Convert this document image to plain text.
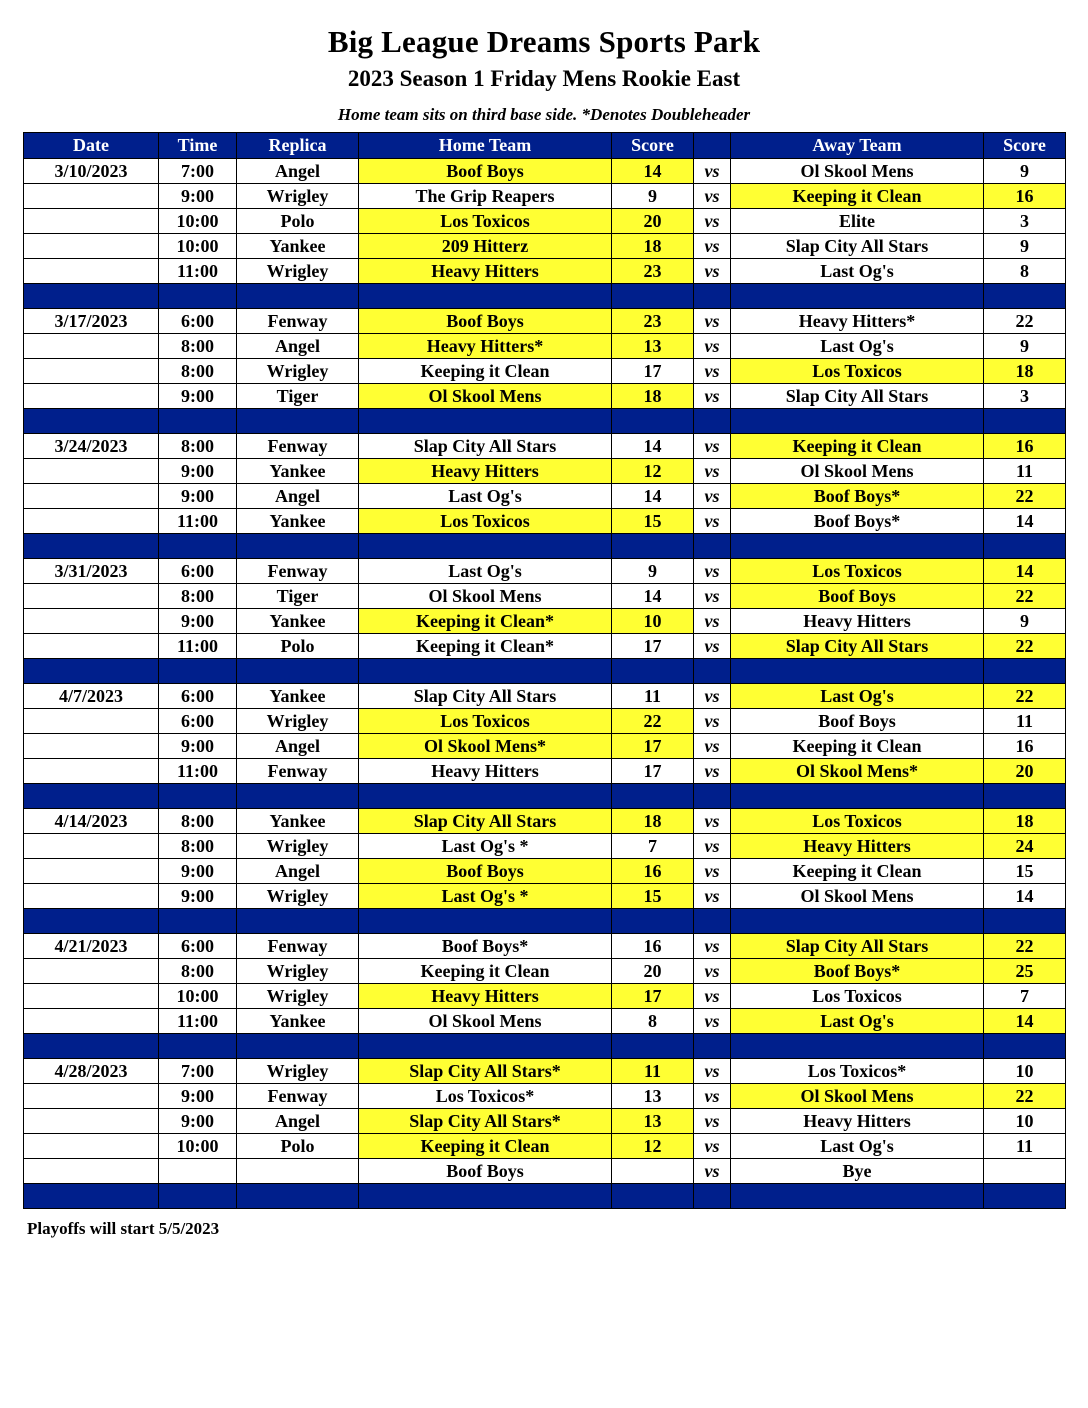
Big League Dreams Sports Park
2023 Season 1 Friday Mens Rookie East
Home team sits on third base side. *Denotes Doubleheader
Date	Time	Replica	Home Team	Score		Away Team	Score
3/10/2023	7:00	Angel	Boof Boys	14	vs	Ol Skool Mens	9
	9:00	Wrigley	The Grip Reapers	9	vs	Keeping it Clean	16
	10:00	Polo	Los Toxicos	20	vs	Elite	3
	10:00	Yankee	209 Hitterz	18	vs	Slap City All Stars	9
	11:00	Wrigley	Heavy Hitters	23	vs	Last Og's	8

3/17/2023	6:00	Fenway	Boof Boys	23	vs	Heavy Hitters*	22
	8:00	Angel	Heavy Hitters*	13	vs	Last Og's	9
	8:00	Wrigley	Keeping it Clean	17	vs	Los Toxicos	18
	9:00	Tiger	Ol Skool Mens	18	vs	Slap City All Stars	3

3/24/2023	8:00	Fenway	Slap City All Stars	14	vs	Keeping it Clean	16
	9:00	Yankee	Heavy Hitters	12	vs	Ol Skool Mens	11
	9:00	Angel	Last Og's	14	vs	Boof Boys*	22
	11:00	Yankee	Los Toxicos	15	vs	Boof Boys*	14

3/31/2023	6:00	Fenway	Last Og's	9	vs	Los Toxicos	14
	8:00	Tiger	Ol Skool Mens	14	vs	Boof Boys	22
	9:00	Yankee	Keeping it Clean*	10	vs	Heavy Hitters	9
	11:00	Polo	Keeping it Clean*	17	vs	Slap City All Stars	22

4/7/2023	6:00	Yankee	Slap City All Stars	11	vs	Last Og's	22
	6:00	Wrigley	Los Toxicos	22	vs	Boof Boys	11
	9:00	Angel	Ol Skool Mens*	17	vs	Keeping it Clean	16
	11:00	Fenway	Heavy Hitters	17	vs	Ol Skool Mens*	20

4/14/2023	8:00	Yankee	Slap City All Stars	18	vs	Los Toxicos	18
	8:00	Wrigley	Last Og's *	7	vs	Heavy Hitters	24
	9:00	Angel	Boof Boys	16	vs	Keeping it Clean	15
	9:00	Wrigley	Last Og's *	15	vs	Ol Skool Mens	14

4/21/2023	6:00	Fenway	Boof Boys*	16	vs	Slap City All Stars	22
	8:00	Wrigley	Keeping it Clean	20	vs	Boof Boys*	25
	10:00	Wrigley	Heavy Hitters	17	vs	Los Toxicos	7
	11:00	Yankee	Ol Skool Mens	8	vs	Last Og's	14

4/28/2023	7:00	Wrigley	Slap City All Stars*	11	vs	Los Toxicos*	10
	9:00	Fenway	Los Toxicos*	13	vs	Ol Skool Mens	22
	9:00	Angel	Slap City All Stars*	13	vs	Heavy Hitters	10
	10:00	Polo	Keeping it Clean	12	vs	Last Og's	11
			Boof Boys		vs	Bye	

Playoffs will start 5/5/2023
